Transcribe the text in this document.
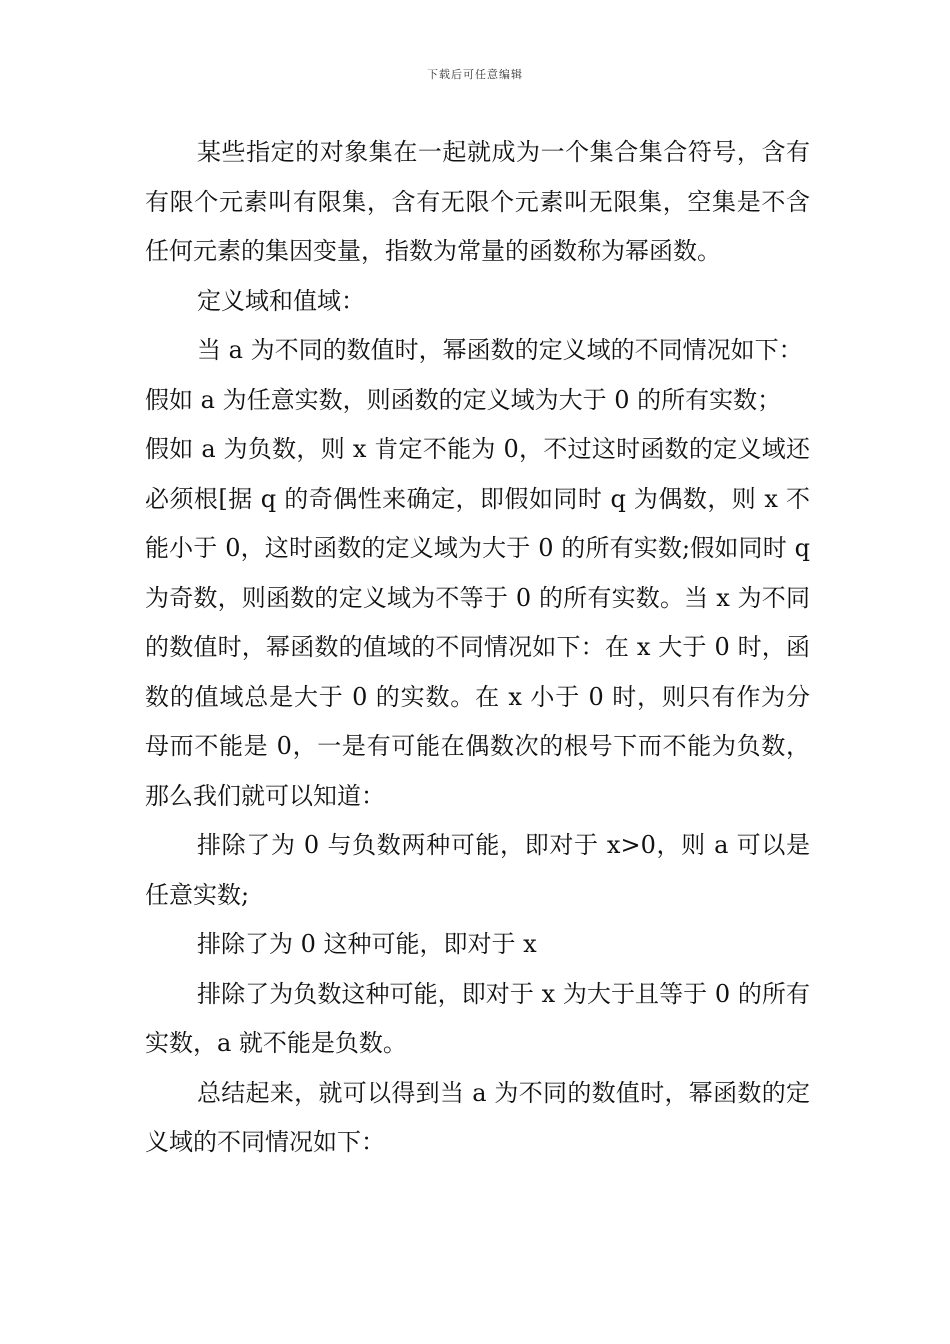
下载后可任意编辑

某些指定的对象集在一起就成为一个集合集合符号，含有有限个元素叫有限集，含有无限个元素叫无限集，空集是不含任何元素的集因变量，指数为常量的函数称为幂函数。

定义域和值域：

当 a 为不同的数值时，幂函数的定义域的不同情况如下：

假如 a 为任意实数，则函数的定义域为大于 0 的所有实数；

假如 a 为负数，则 x 肯定不能为 0，不过这时函数的定义域还必须根[据 q 的奇偶性来确定，即假如同时 q 为偶数，则 x 不能小于 0，这时函数的定义域为大于 0 的所有实数;假如同时 q 为奇数，则函数的定义域为不等于 0 的所有实数。当 x 为不同的数值时，幂函数的值域的不同情况如下：在 x 大于 0 时，函数的值域总是大于 0 的实数。在 x 小于 0 时，则只有作为分母而不能是 0，一是有可能在偶数次的根号下而不能为负数，那么我们就可以知道：

排除了为 0 与负数两种可能，即对于 x>0，则 a 可以是任意实数;

排除了为 0 这种可能，即对于 x

排除了为负数这种可能，即对于 x 为大于且等于 0 的所有实数，a 就不能是负数。

总结起来，就可以得到当 a 为不同的数值时，幂函数的定义域的不同情况如下：
